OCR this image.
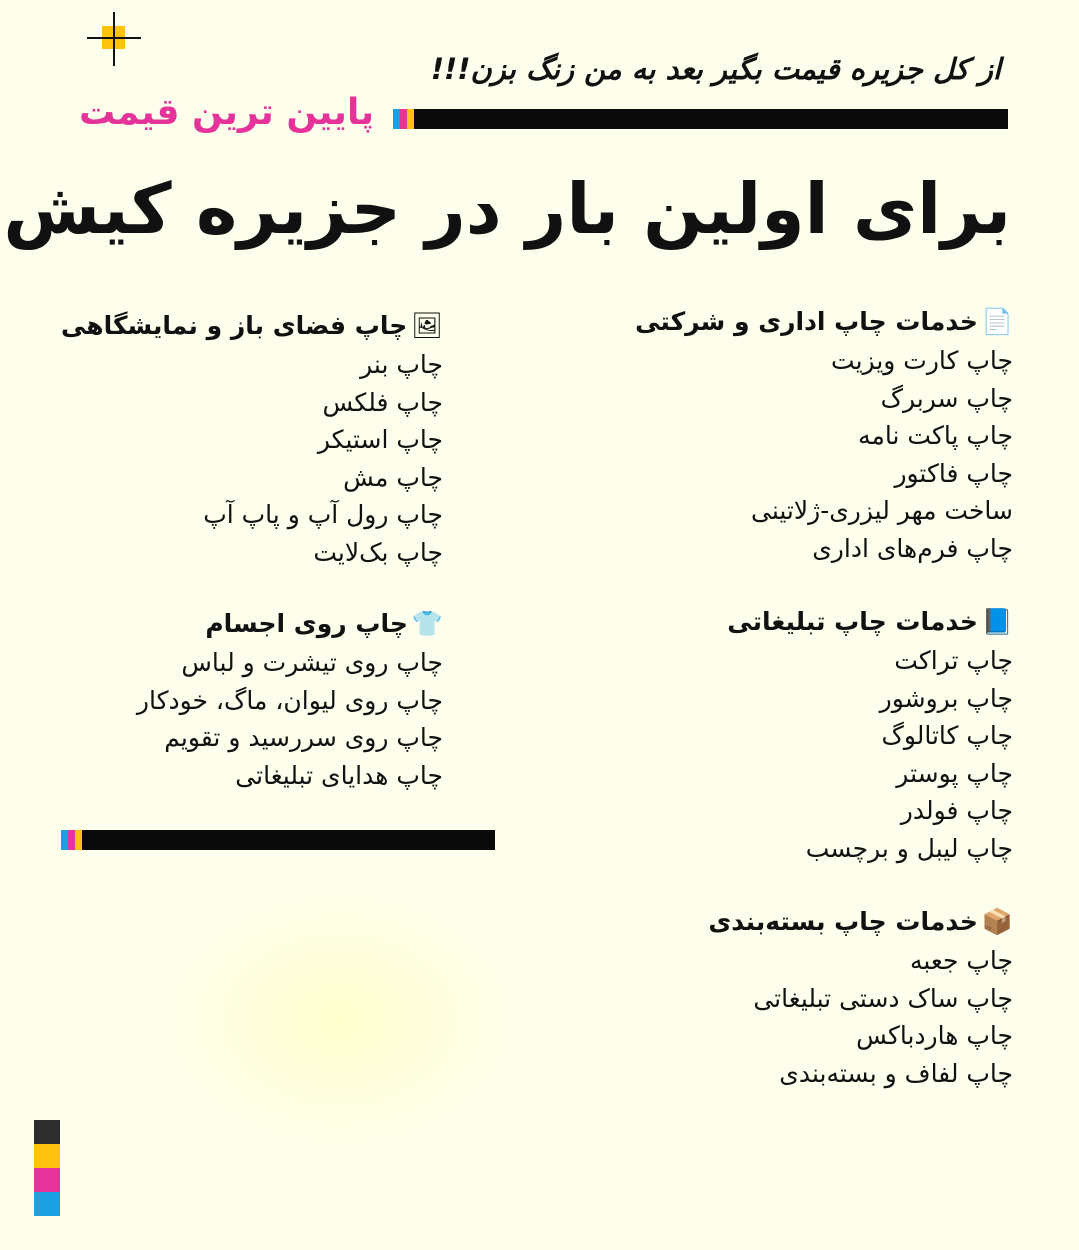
از کل جزیره قیمت بگیر بعد به من زنگ بزن!!!
پایین ترین قیمت
برای اولین بار در جزیره کیش
📄خدمات چاپ اداری و شرکتی
چاپ کارت ویزیت
چاپ سربرگ
چاپ پاکت نامه
چاپ فاکتور
ساخت مهر لیزری-ژلاتینی
چاپ فرم‌های اداری
📘خدمات چاپ تبلیغاتی
چاپ تراکت
چاپ بروشور
چاپ کاتالوگ
چاپ پوستر
چاپ فولدر
چاپ لیبل و برچسب
📦خدمات چاپ بسته‌بندی
چاپ جعبه
چاپ ساک دستی تبلیغاتی
چاپ هاردباکس
چاپ لفاف و بسته‌بندی
🖼چاپ فضای باز و نمایشگاهی
چاپ بنر
چاپ فلکس
چاپ استیکر
چاپ مش
چاپ رول آپ و پاپ آپ
چاپ بک‌لایت
👕چاپ روی اجسام
چاپ روی تیشرت و لباس
چاپ روی لیوان، ماگ، خودکار
چاپ روی سررسید و تقویم
چاپ هدایای تبلیغاتی
